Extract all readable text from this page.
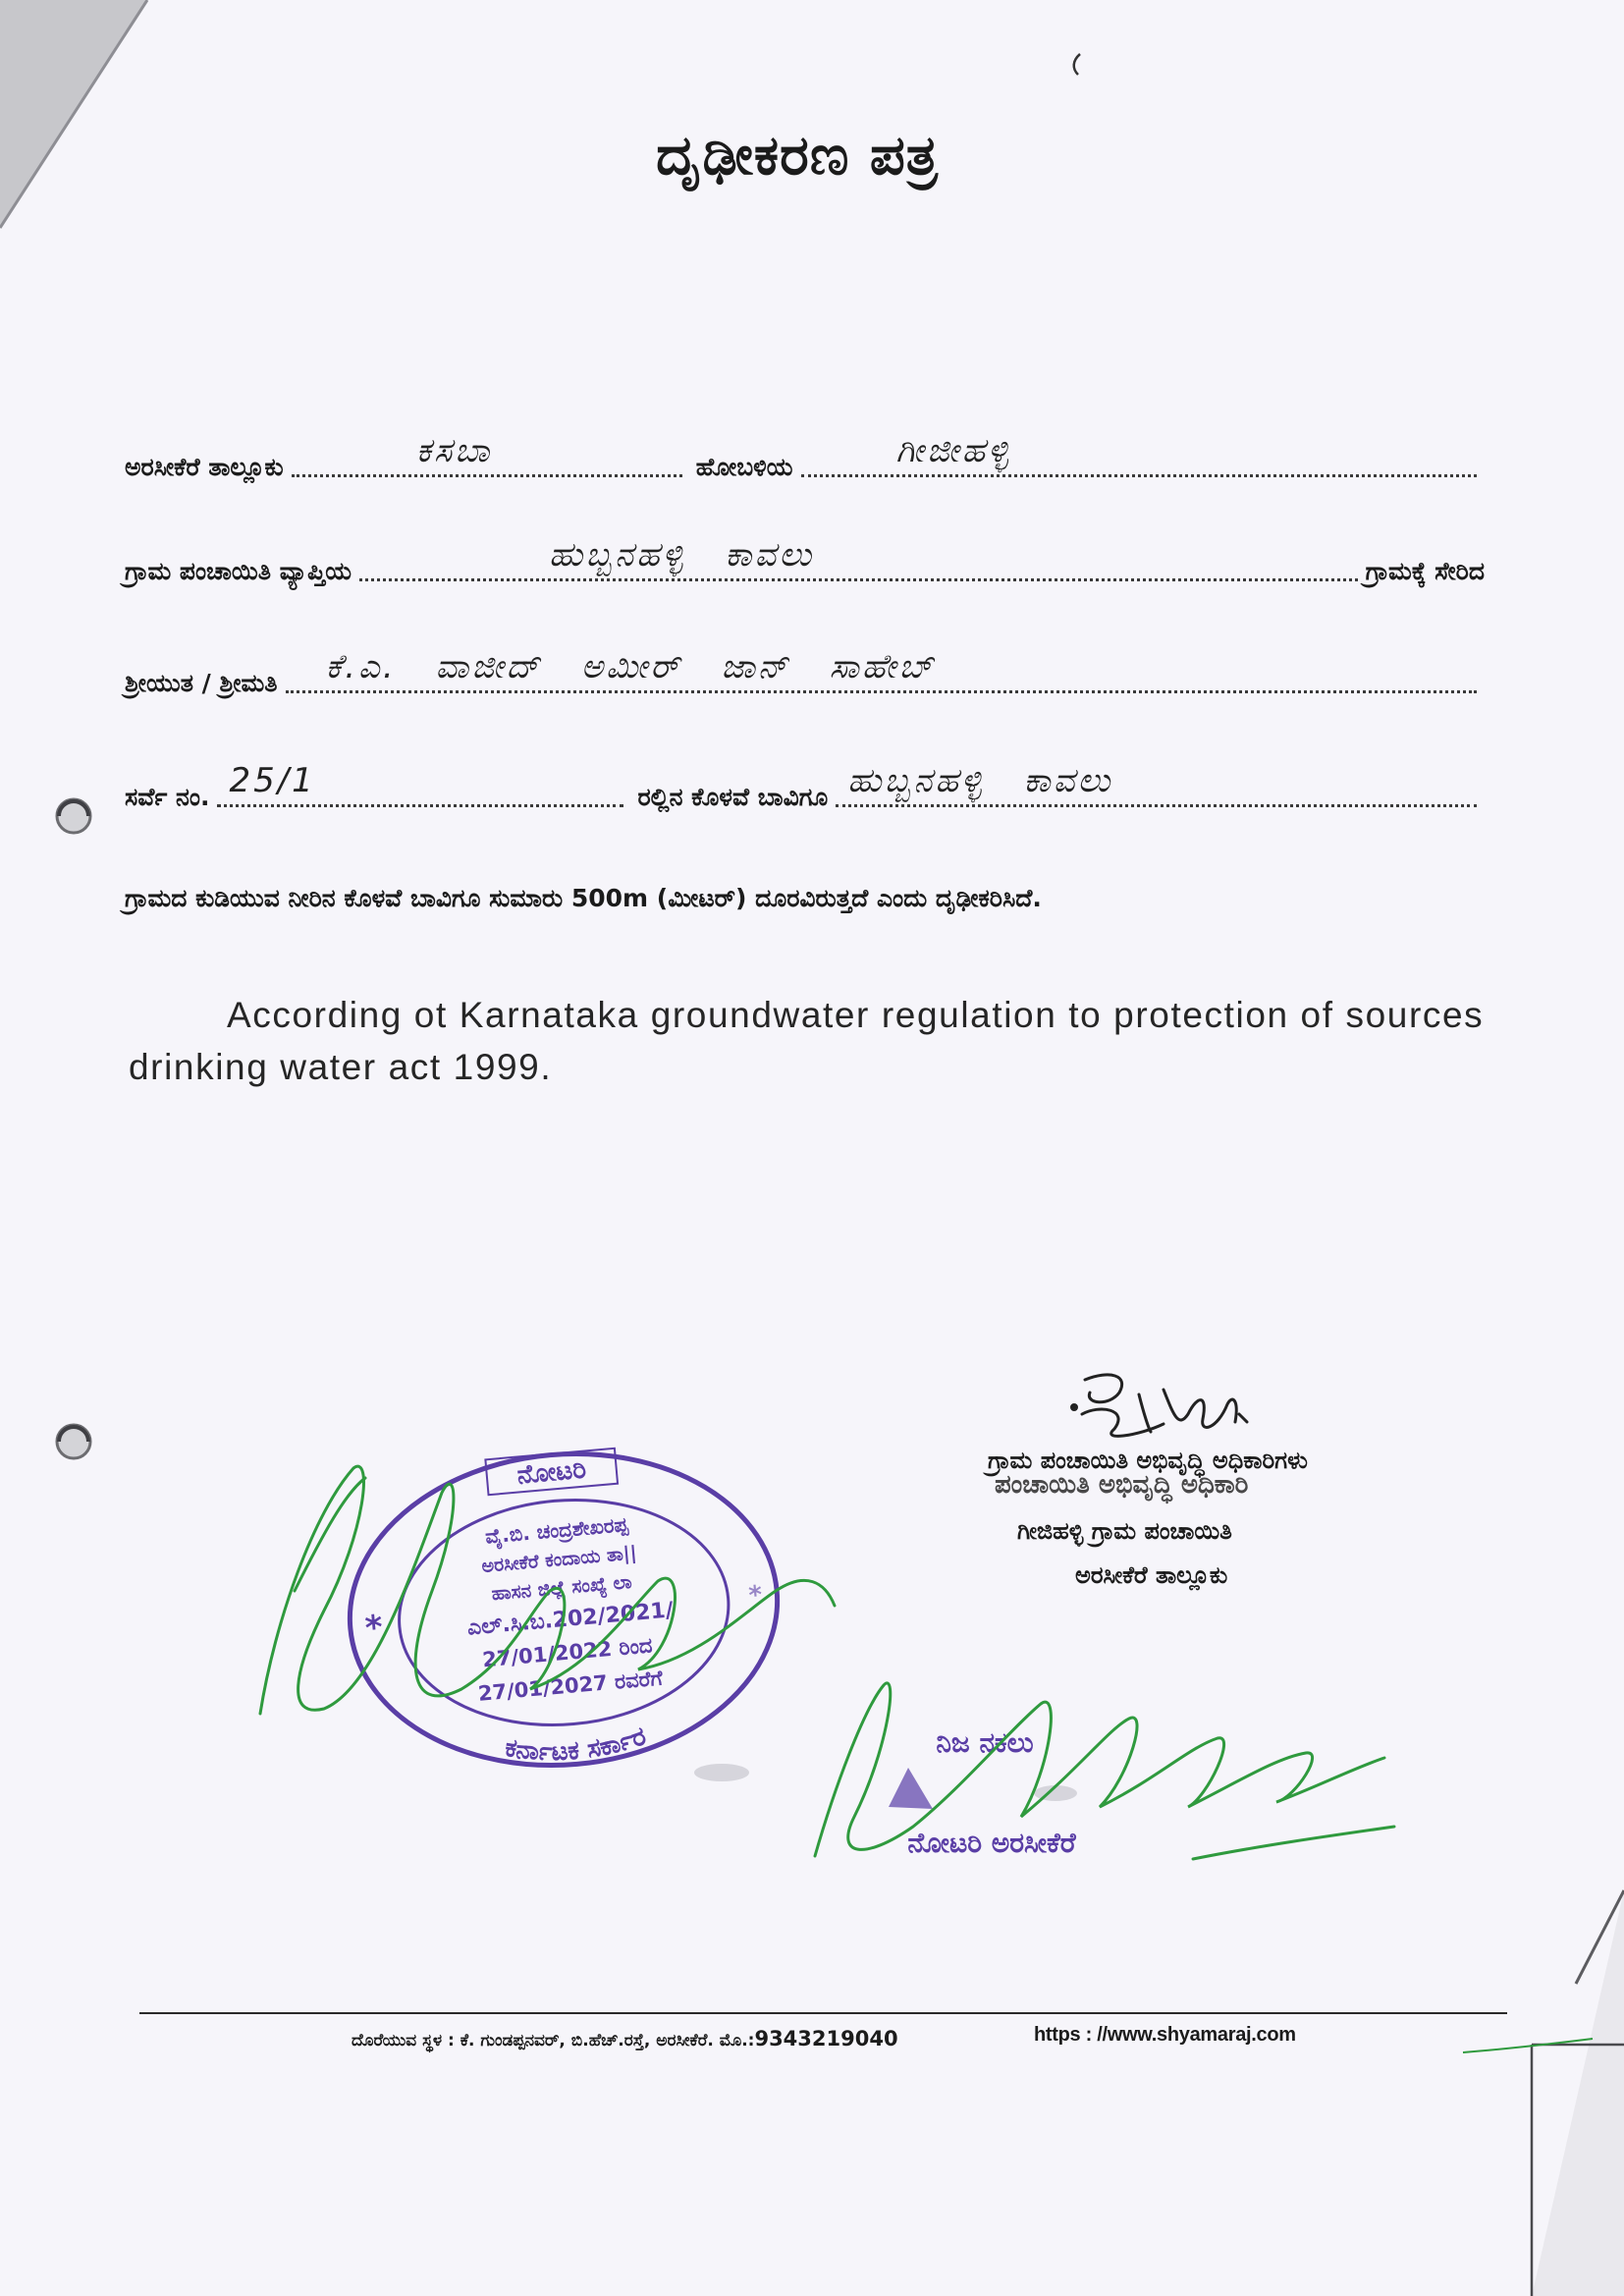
ದೃಢೀಕರಣ ಪತ್ರ
ಅರಸೀಕೆರೆ ತಾಲ್ಲೂಕು	ಕಸಬಾ	ಹೋಬಳಿಯ	ಗೀಜೀಹಳ್ಳಿ
ಗ್ರಾಮ ಪಂಚಾಯಿತಿ ವ್ಯಾಪ್ತಿಯ	ಹುಬ್ಬನಹಳ್ಳಿ ಕಾವಲು	ಗ್ರಾಮಕ್ಕೆ ಸೇರಿದ
ಶ್ರೀಯುತ / ಶ್ರೀಮತಿ ಕೆ.ಎ. ವಾಜೀದ್ ಅಮೀರ್ ಜಾನ್ ಸಾಹೇಬ್
ಸರ್ವೆ ನಂ. 25/1	ರಲ್ಲಿನ ಕೊಳವೆ ಬಾವಿಗೂ ಹುಬ್ಬನಹಳ್ಳಿ ಕಾವಲು
ಗ್ರಾಮದ ಕುಡಿಯುವ ನೀರಿನ ಕೊಳವೆ ಬಾವಿಗೂ ಸುಮಾರು 500m (ಮೀಟರ್) ದೂರವಿರುತ್ತದೆ ಎಂದು ದೃಢೀಕರಿಸಿದೆ.
According ot Karnataka groundwater regulation to protection of sources
drinking water act 1999.
ಗ್ರಾಮ ಪಂಚಾಯಿತಿ ಅಭಿವೃದ್ಧಿ ಅಧಿಕಾರಿಗಳು
ಪಂಚಾಯಿತಿ ಅಭಿವೃದ್ಧಿ ಅಧಿಕಾರಿ
ಗೀಜಿಹಳ್ಳಿ ಗ್ರಾಮ ಪಂಚಾಯಿತಿ
ಅರಸೀಕೆರೆ ತಾಲ್ಲೂಕು
ದೊರೆಯುವ ಸ್ಥಳ : ಕೆ. ಗುಂಡಪ್ಪನವರ್, ಬಿ.ಹೆಚ್.ರಸ್ತೆ, ಅರಸೀಕೆರೆ. ಮೊ.:9343219040	https : //www.shyamaraj.com
ನೋಟರಿ
ವೈ.ಬಿ. ಚಂದ್ರಶೇಖರಪ್ಪ
ಅರಸೀಕೆರೆ ಕಂದಾಯ ತಾ||
ಹಾಸನ ಜಿಲ್ಲೆ ಸಂಖ್ಯೆ ಲಾ
ಎಲ್.ಸಿ.ಬ.202/2021/
27/01/2022 ರಿಂದ
27/01/2027 ರವರೆಗೆ
ಕರ್ನಾಟಕ ಸರ್ಕಾರ
*
*
ನಿಜ ನಕಲು
ನೋಟರಿ ಅರಸೀಕೆರೆ
